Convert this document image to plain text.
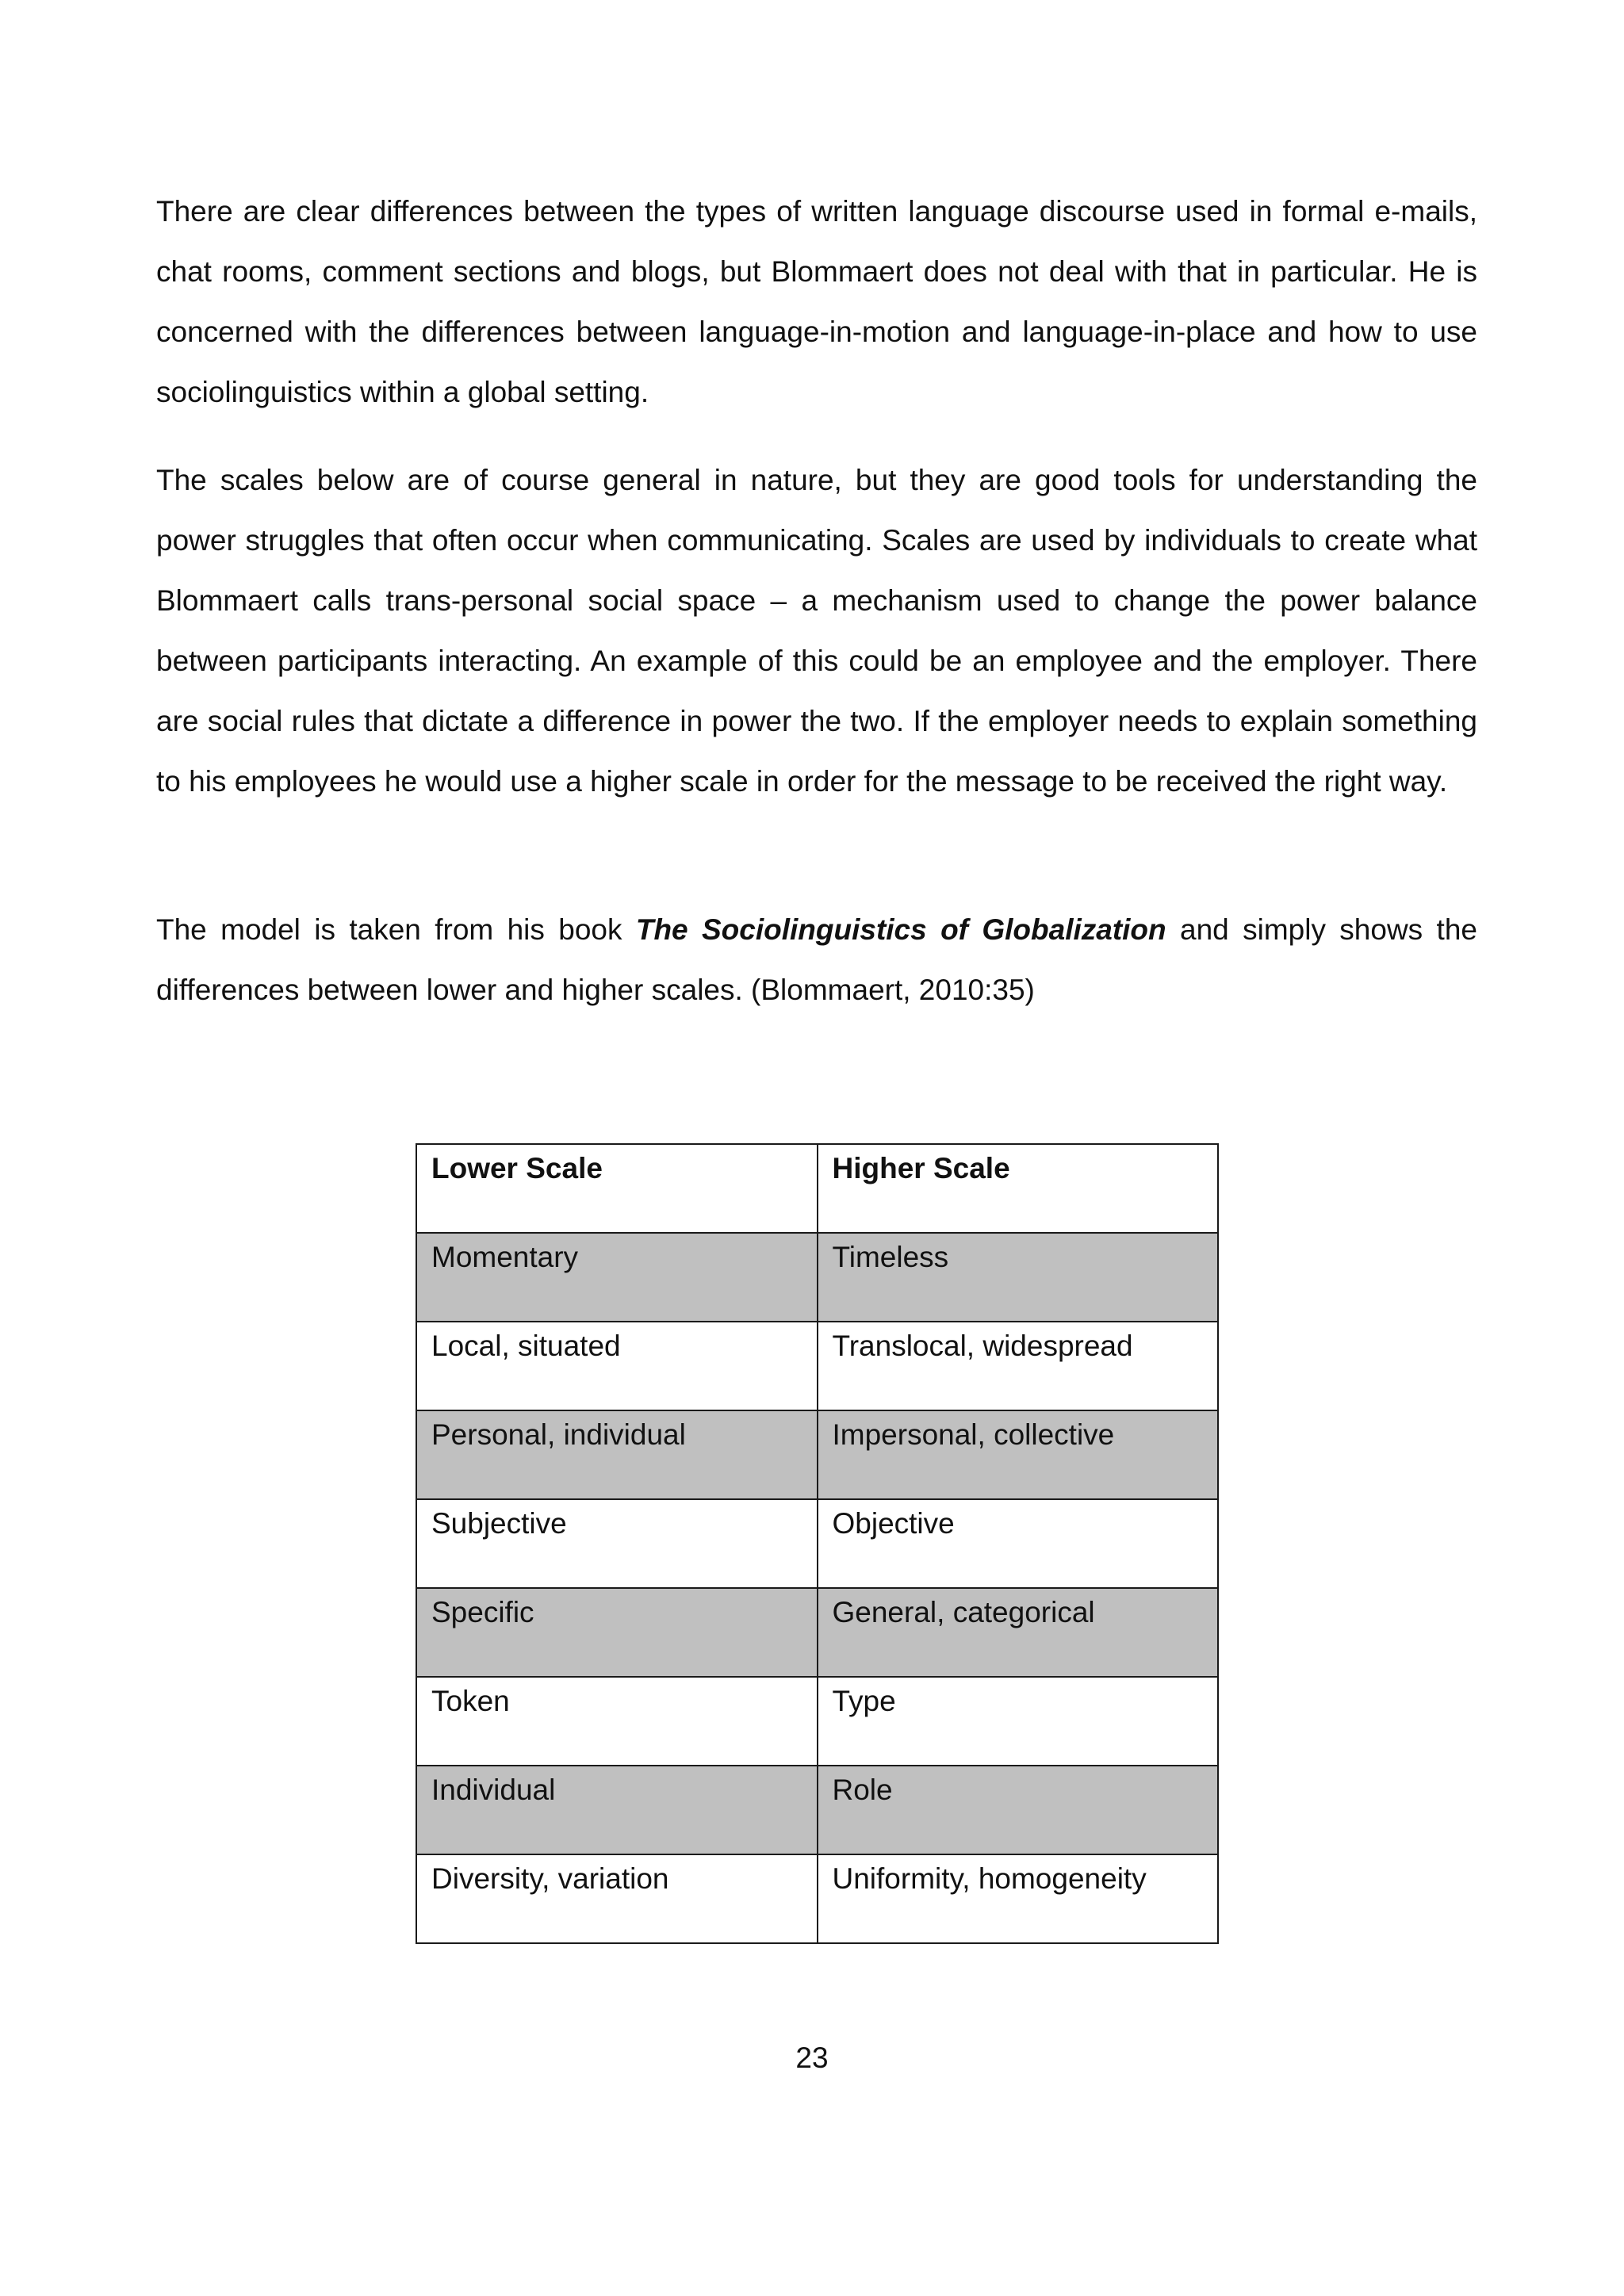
There are clear differences between the types of written language discourse used in formal e-mails, chat rooms, comment sections and blogs, but Blommaert does not deal with that in particular. He is concerned with the differences between language-in-motion and language-in-place and how to use sociolinguistics within a global setting.

The scales below are of course general in nature, but they are good tools for understanding the power struggles that often occur when communicating. Scales are used by individuals to create what Blommaert calls trans-personal social space – a mechanism used to change the power balance between participants interacting. An example of this could be an employee and the employer. There are social rules that dictate a difference in power the two. If the employer needs to explain something to his employees he would use a higher scale in order for the message to be received the right way.

The model is taken from his book The Sociolinguistics of Globalization and simply shows the differences between lower and higher scales. (Blommaert, 2010:35)

Lower Scale	Higher Scale
Momentary	Timeless
Local, situated	Translocal, widespread
Personal, individual	Impersonal, collective
Subjective	Objective
Specific	General, categorical
Token	Type
Individual	Role
Diversity, variation	Uniformity, homogeneity
23
